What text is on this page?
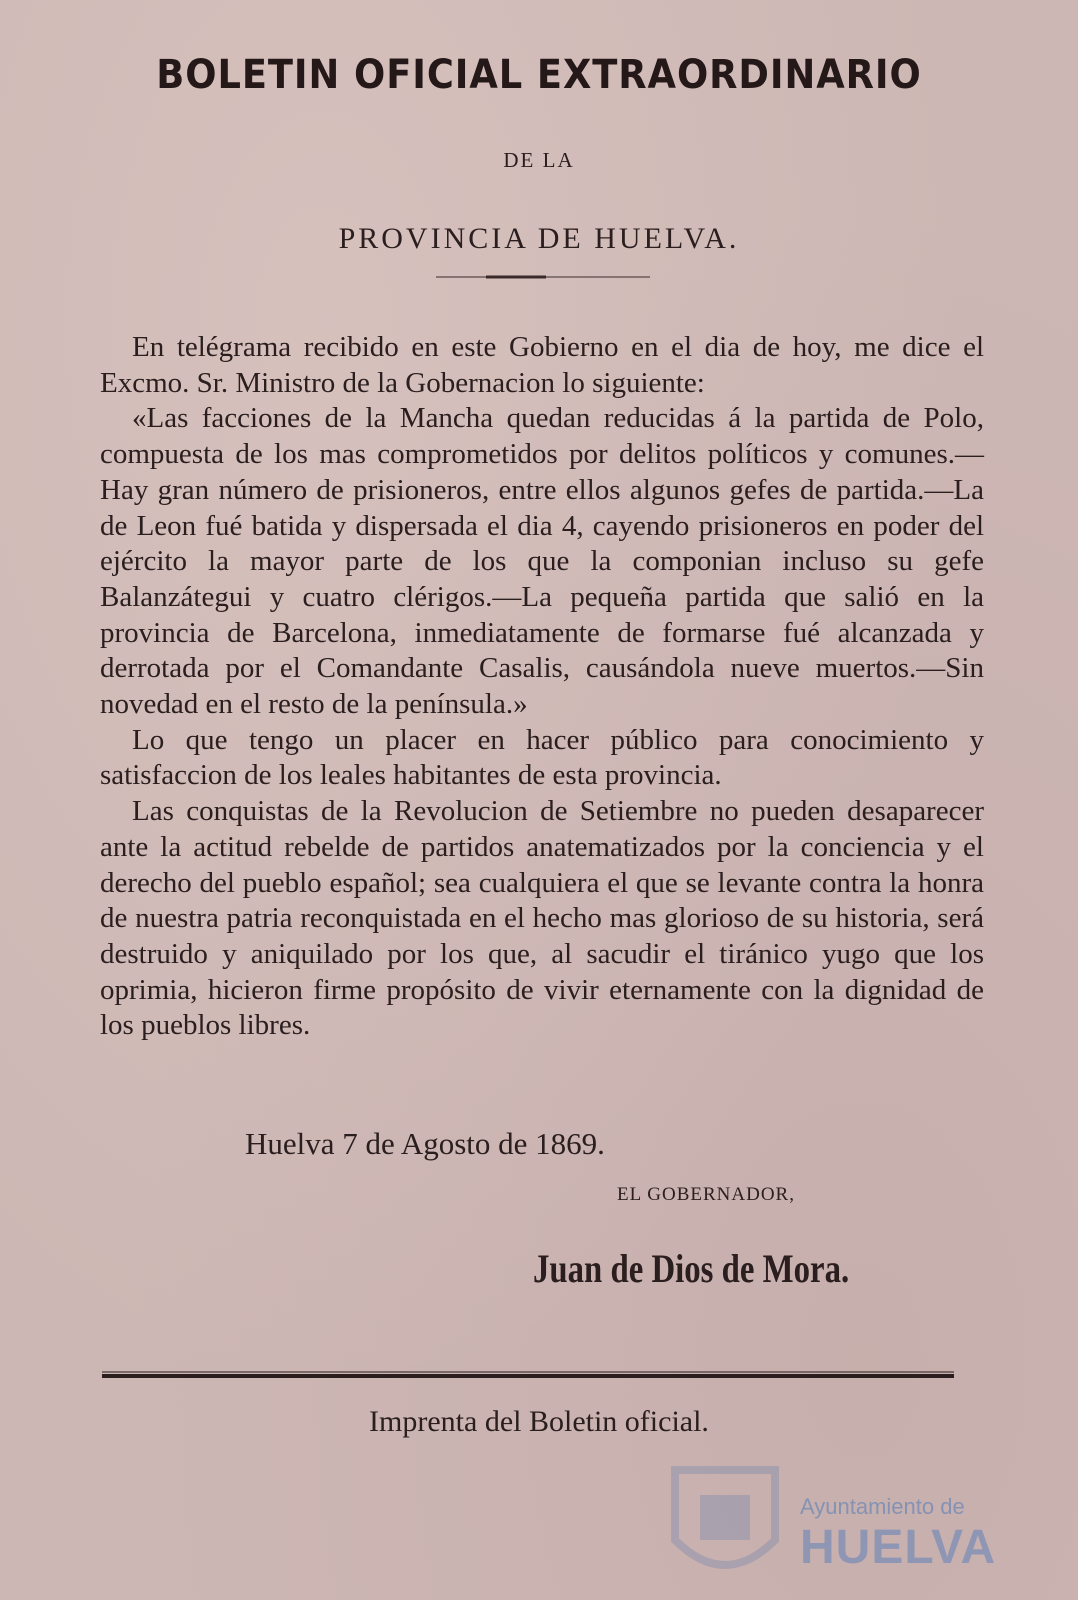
BOLETIN OFICIAL EXTRAORDINARIO
DE LA
PROVINCIA DE HUELVA.

En telégrama recibido en este Gobierno en el dia de hoy, me dice el Excmo. Sr. Ministro de la Gobernacion lo siguiente:

«Las facciones de la Mancha quedan reducidas á la partida de Polo, compuesta de los mas comprometidos por delitos políticos y comunes.—Hay gran número de prisioneros, entre ellos algunos gefes de partida.—La de Leon fué batida y dispersada el dia 4, cayendo prisioneros en poder del ejército la mayor parte de los que la componian incluso su gefe Balanzátegui y cuatro clérigos.—La pequeña partida que salió en la provincia de Barcelona, inmediatamente de formarse fué alcanzada y derrotada por el Comandante Casalis, causándola nueve muertos.—Sin novedad en el resto de la península.»

Lo que tengo un placer en hacer público para conocimiento y satisfaccion de los leales habitantes de esta provincia.

Las conquistas de la Revolucion de Setiembre no pueden desaparecer ante la actitud rebelde de partidos anatematizados por la conciencia y el derecho del pueblo español; sea cualquiera el que se levante contra la honra de nuestra patria reconquistada en el hecho mas glorioso de su historia, será destruido y aniquilado por los que, al sacudir el tiránico yugo que los oprimia, hicieron firme propósito de vivir eternamente con la dignidad de los pueblos libres.

Huelva 7 de Agosto de 1869.
EL GOBERNADOR,
Juan de Dios de Mora.
Imprenta del Boletin oficial.
Ayuntamiento de
HUELVA
